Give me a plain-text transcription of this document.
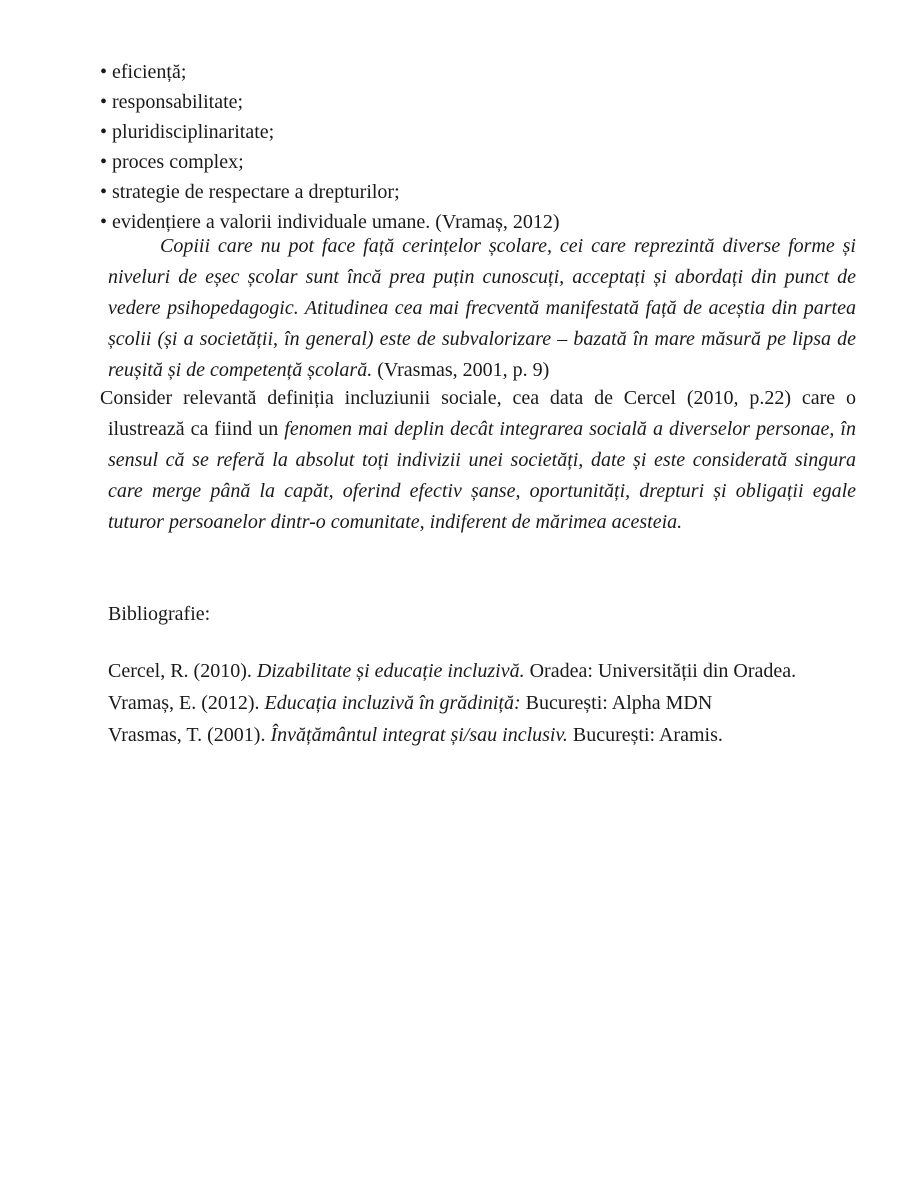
• eficiență;
• responsabilitate;
• pluridisciplinaritate;
• proces complex;
• strategie de respectare a drepturilor;
• evidențiere a valorii individuale umane. (Vramaș, 2012)

Copiii care nu pot face față cerințelor școlare, cei care reprezintă diverse forme și niveluri de eșec școlar sunt încă prea puțin cunoscuți, acceptați și abordați din punct de vedere psihopedagogic. Atitudinea cea mai frecventă manifestată față de aceștia din partea școlii (și a societății, în general) este de subvalorizare – bazată în mare măsură pe lipsa de reușită și de competență școlară. (Vrasmas, 2001, p. 9)

Consider relevantă definiția incluziunii sociale, cea data de Cercel (2010, p.22) care o ilustrează ca fiind un fenomen mai deplin decât integrarea socială a diverselor personae, în sensul că se referă la absolut toți indivizii unei societăți, date și este considerată singura care merge până la capăt, oferind efectiv șanse, oportunități, drepturi și obligații egale tuturor persoanelor dintr-o comunitate, indiferent de mărimea acesteia.

Bibliografie:

Cercel, R. (2010). Dizabilitate și educație incluzivă. Oradea: Universității din Oradea.

Vramaș, E. (2012). Educația incluzivă în grădiniță: București: Alpha MDN

Vrasmas, T. (2001). Învățământul integrat și/sau inclusiv. București: Aramis.
